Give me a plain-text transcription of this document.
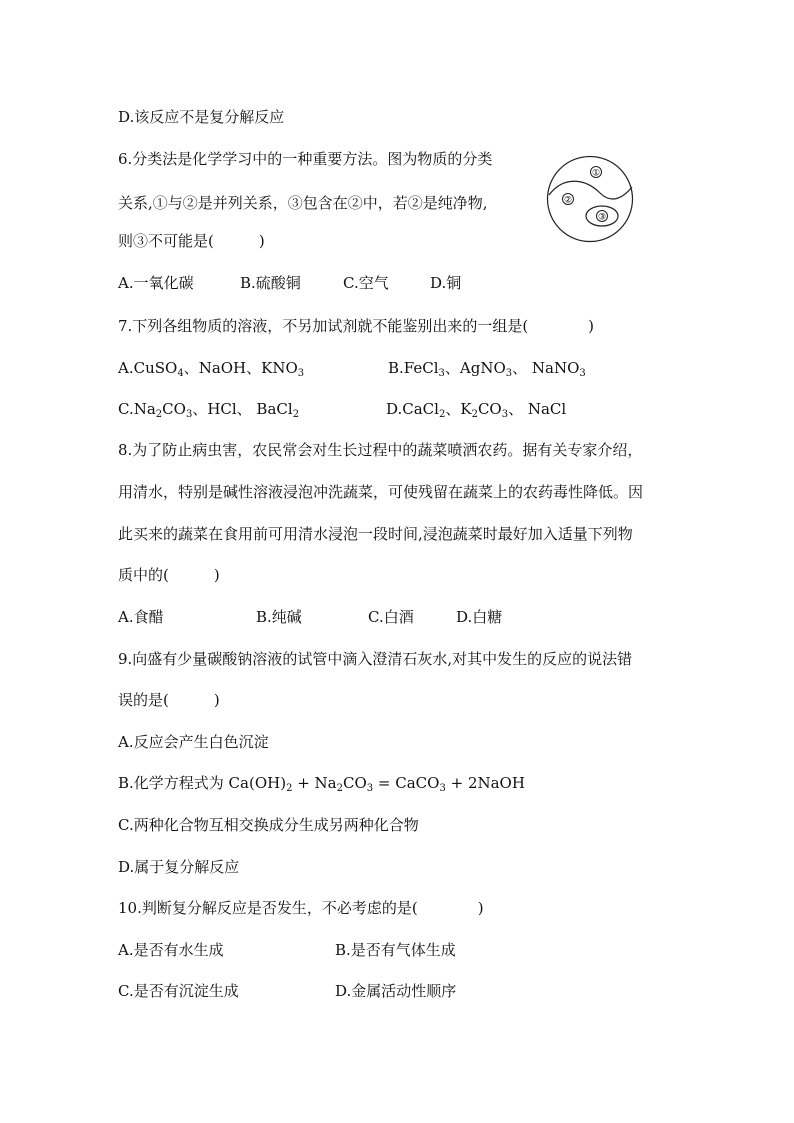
D.该反应不是复分解反应
6.分类法是化学学习中的一种重要方法。图为物质的分类
关系,①与②是并列关系，③包含在②中，若②是纯净物,
则③不可能是(　　　)
①
②
③
A.一氧化碳	B.硫酸铜	C.空气	D.铜
7.下列各组物质的溶液，不另加试剂就不能鉴别出来的一组是(　　　　)
A.CuSO$_4$、NaOH、$KNO_3$	B.FeCl$_3$、AgNO$_3$、 NaNO$_3$
$C.Na_2CO_3$、HCl、 BaCl$_2$	D.CaCl$_2$、$K_2CO_3$、 NaCl
8.为了防止病虫害，农民常会对生长过程中的蔬菜喷洒农药。据有关专家介绍，
用清水，特别是碱性溶液浸泡冲洗蔬菜，可使残留在蔬菜上的农药毒性降低。因
此买来的蔬菜在食用前可用清水浸泡一段时间,浸泡蔬菜时最好加入适量下列物
质中的(　　　)
A.食醋	B.纯碱	C.白酒	D.白糖
9.向盛有少量碳酸钠溶液的试管中滴入澄清石灰水,对其中发生的反应的说法错
误的是(　　　)
A.反应会产生白色沉淀
B.化学方程式为 $Ca(OH)_2 + Na_2CO_3$ = CaCO$_3$ + 2NaOH
C.两种化合物互相交换成分生成另两种化合物
D.属于复分解反应
10.判断复分解反应是否发生，不必考虑的是(　　　　)
A.是否有水生成	B.是否有气体生成
C.是否有沉淀生成	D.金属活动性顺序
